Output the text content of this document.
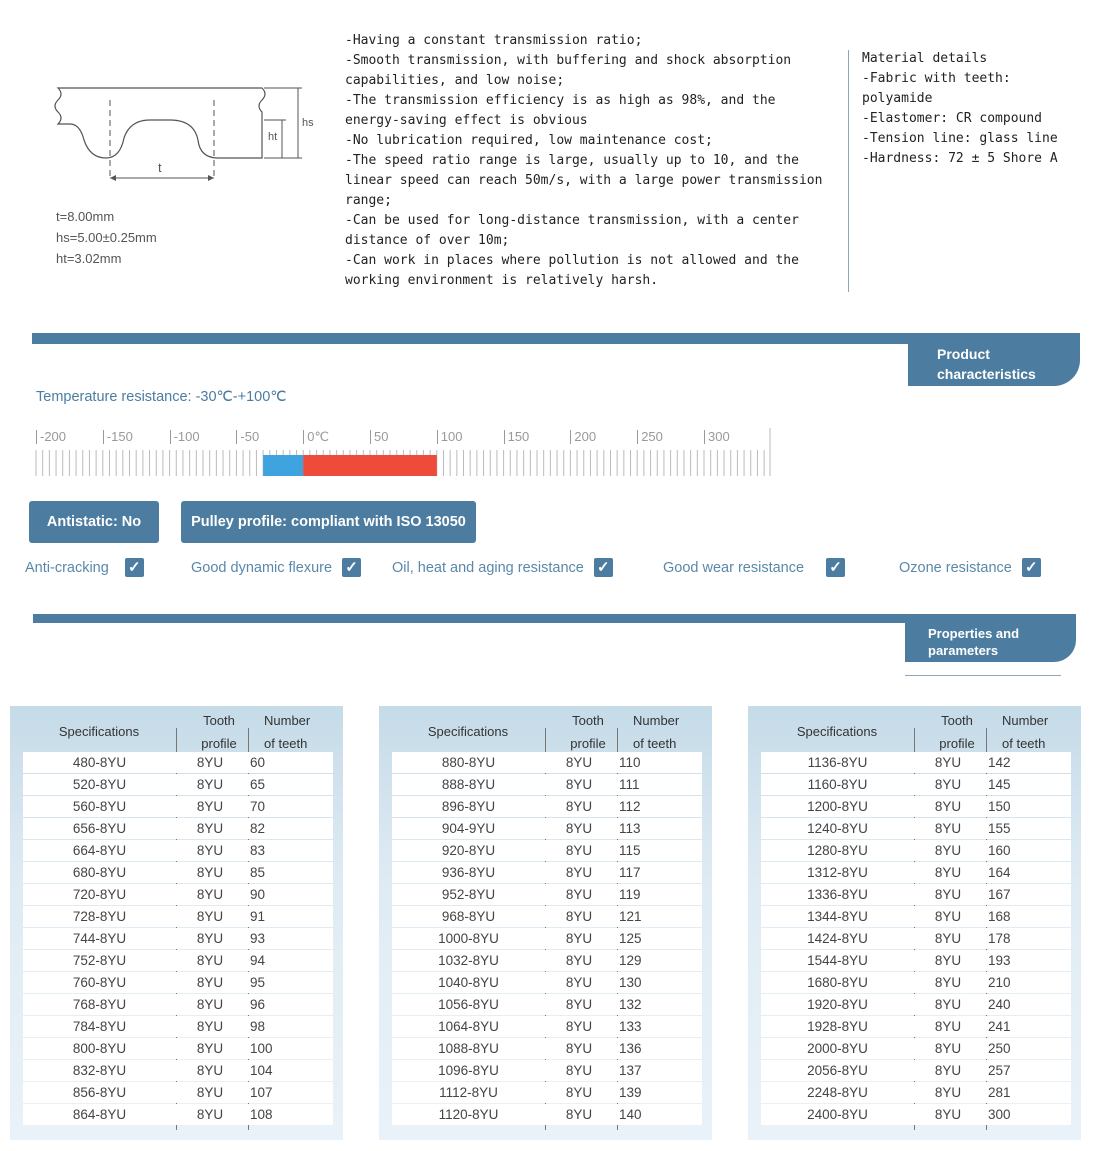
t
hs
ht
t=8.00mm
hs=5.00±0.25mm
ht=3.02mm
-Having a constant transmission ratio;
-Smooth transmission, with buffering and shock absorption
capabilities, and low noise;
-The transmission efficiency is as high as 98%, and the
energy-saving effect is obvious
-No lubrication required, low maintenance cost;
-The speed ratio range is large, usually up to 10, and the
linear speed can reach 50m/s, with a large power transmission
range;
-Can be used for long-distance transmission, with a center
distance of over 10m;
-Can work in places where pollution is not allowed and the
working environment is relatively harsh.
Material details
-Fabric with teeth:
polyamide
-Elastomer: CR compound
-Tension line: glass line
-Hardness: 72 ± 5 Shore A
Product
characteristics
Temperature resistance: -30℃-+100℃
-200	-150	-100	-50	0℃	50	100	150	200	250	300
Antistatic: No	Pulley profile: compliant with ISO 13050
Anti-cracking ✓	Good dynamic flexure ✓ Oil, heat and aging resistance ✓	Good wear resistance ✓	Ozone resistance ✓
Properties and
parameters
Specifications
Tooth
profile
Number
of teeth
480-8YU	8YU	60
520-8YU	8YU	65
560-8YU	8YU	70
656-8YU	8YU	82
664-8YU	8YU	83
680-8YU	8YU	85
720-8YU	8YU	90
728-8YU	8YU	91
744-8YU	8YU	93
752-8YU	8YU	94
760-8YU	8YU	95
768-8YU	8YU	96
784-8YU	8YU	98
800-8YU	8YU	100
832-8YU	8YU	104
856-8YU	8YU	107
864-8YU	8YU	108
Specifications
Tooth
profile
Number
of teeth
880-8YU	8YU	110
888-8YU	8YU	111
896-8YU	8YU	112
904-9YU	8YU	113
920-8YU	8YU	115
936-8YU	8YU	117
952-8YU	8YU	119
968-8YU	8YU	121
1000-8YU	8YU	125
1032-8YU	8YU	129
1040-8YU	8YU	130
1056-8YU	8YU	132
1064-8YU	8YU	133
1088-8YU	8YU	136
1096-8YU	8YU	137
1112-8YU	8YU	139
1120-8YU	8YU	140
Specifications
Tooth
profile
Number
of teeth
1136-8YU	8YU	142
1160-8YU	8YU	145
1200-8YU	8YU	150
1240-8YU	8YU	155
1280-8YU	8YU	160
1312-8YU	8YU	164
1336-8YU	8YU	167
1344-8YU	8YU	168
1424-8YU	8YU	178
1544-8YU	8YU	193
1680-8YU	8YU	210
1920-8YU	8YU	240
1928-8YU	8YU	241
2000-8YU	8YU	250
2056-8YU	8YU	257
2248-8YU	8YU	281
2400-8YU	8YU	300
